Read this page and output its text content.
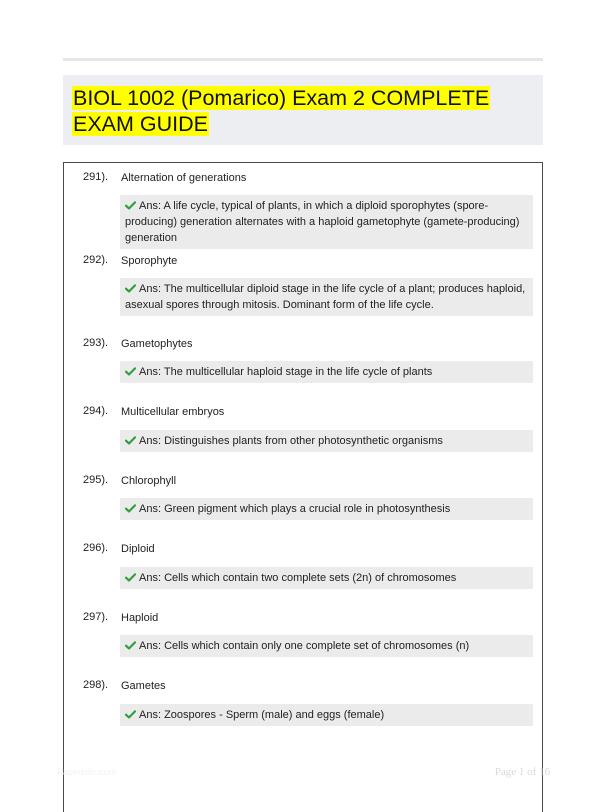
BIOL 1002 (Pomarico) Exam 2 COMPLETE EXAM GUIDE
291). Alternation of generations
Ans: A life cycle, typical of plants, in which a diploid sporophytes (spore-producing) generation alternates with a haploid gametophyte (gamete-producing) generation
292). Sporophyte
Ans: The multicellular diploid stage in the life cycle of a plant; produces haploid, asexual spores through mitosis. Dominant form of the life cycle.
293). Gametophytes
Ans: The multicellular haploid stage in the life cycle of plants
294). Multicellular embryos
Ans: Distinguishes plants from other photosynthetic organisms
295). Chlorophyll
Ans: Green pigment which plays a crucial role in photosynthesis
296). Diploid
Ans: Cells which contain two complete sets (2n) of chromosomes
297). Haploid
Ans: Cells which contain only one complete set of chromosomes (n)
298). Gametes
Ans: Zoospores - Sperm (male) and eggs (female)
Paperbilic.com	Page 1 of 16
